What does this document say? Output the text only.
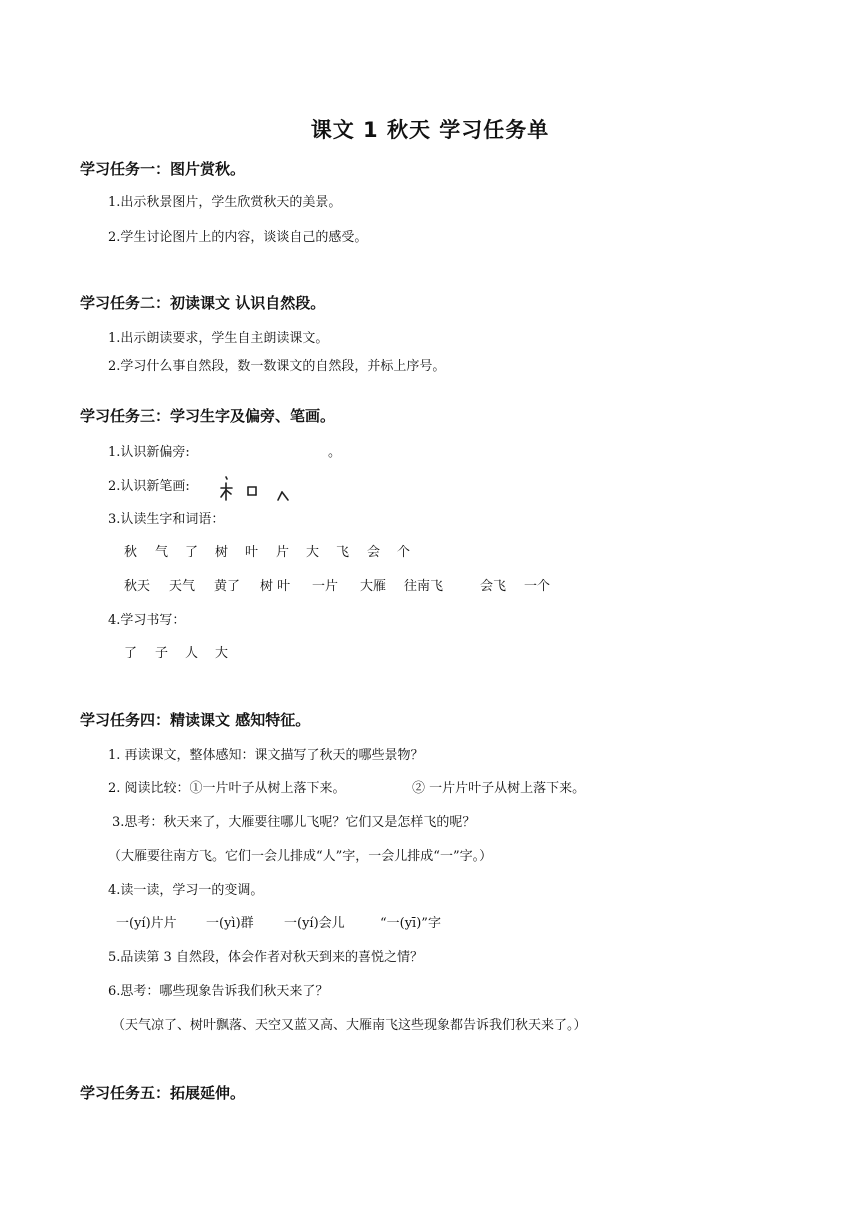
课文 1 秋天 学习任务单
学习任务一：图片赏秋。
1.出示秋景图片，学生欣赏秋天的美景。
2.学生讨论图片上的内容，谈谈自己的感受。
学习任务二：初读课文 认识自然段。
1.出示朗读要求，学生自主朗读课文。
2.学习什么事自然段，数一数课文的自然段，并标上序号。
学习任务三：学习生字及偏旁、笔画。
1.认识新偏旁:	。
2.认识新笔画:
3.认读生字和词语：
秋 气 了 树 叶 片 大 飞 会 个
秋天 天气 黄了 树 叶 一片 大雁 往南飞	会飞 一个
4.学习书写：
了 子 人 大
学习任务四：精读课文 感知特征。
1. 再读课文，整体感知：课文描写了秋天的哪些景物？
2. 阅读比较：①一片叶子从树上落下来。	② 一片片叶子从树上落下来。
3.思考：秋天来了，大雁要往哪儿飞呢？它们又是怎样飞的呢？
（大雁要往南方飞。它们一会儿排成“人”字，一会儿排成“一”字。）
4.读一读，学习一的变调。
一(yí)片片 一(yì)群 一(yí)会儿	“一(yī)”字
5.品读第 3 自然段，体会作者对秋天到来的喜悦之情？
6.思考：哪些现象告诉我们秋天来了？
（天气凉了、树叶飘落、天空又蓝又高、大雁南飞这些现象都告诉我们秋天来了。）
学习任务五：拓展延伸。
